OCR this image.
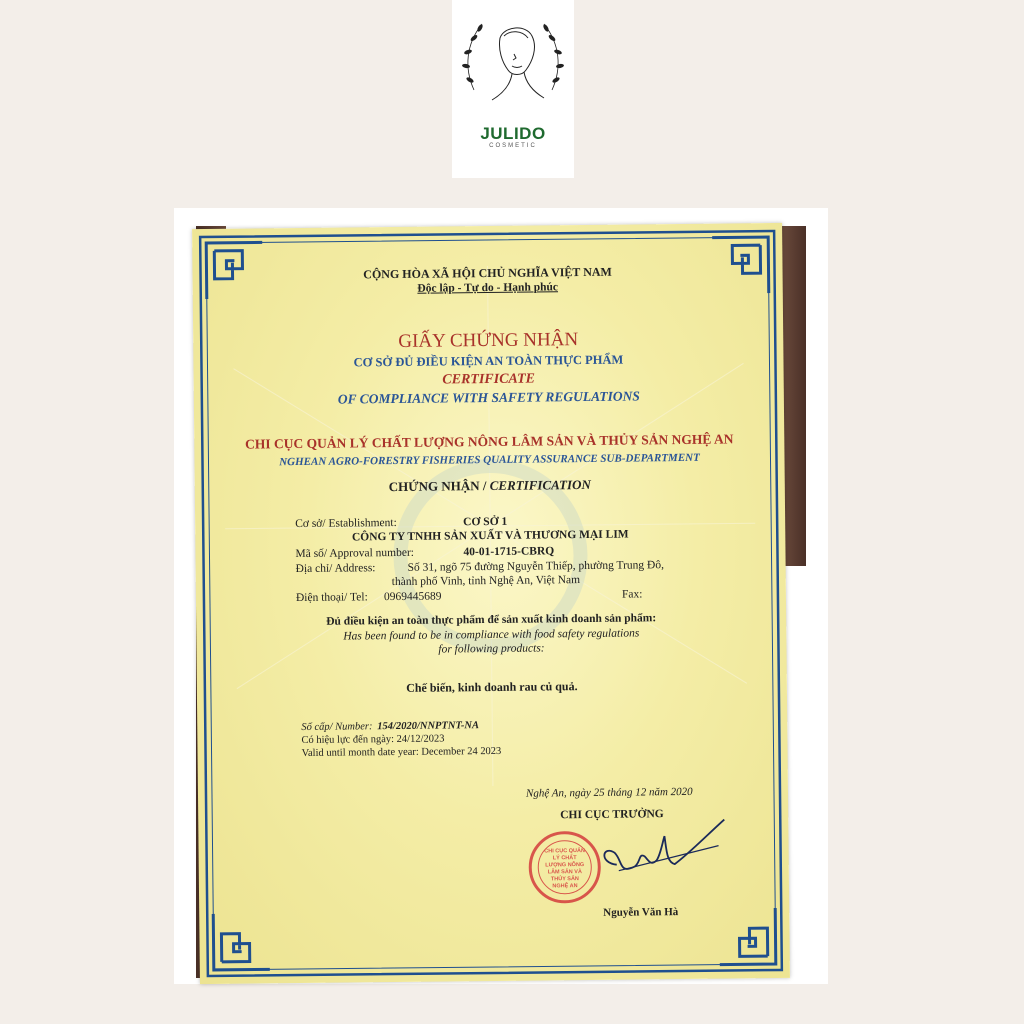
JULIDO
COSMETIC
CỘNG HÒA XÃ HỘI CHỦ NGHĨA VIỆT NAM
Độc lập - Tự do - Hạnh phúc
GIẤY CHỨNG NHẬN
CƠ SỞ ĐỦ ĐIỀU KIỆN AN TOÀN THỰC PHẨM
CERTIFICATE
OF COMPLIANCE WITH SAFETY REGULATIONS
CHI CỤC QUẢN LÝ CHẤT LƯỢNG NÔNG LÂM SẢN VÀ THỦY SẢN NGHỆ AN
NGHEAN AGRO-FORESTRY FISHERIES QUALITY ASSURANCE SUB-DEPARTMENT
CHỨNG NHẬN / CERTIFICATION
Cơ sở/ Establishment:	CƠ SỞ 1
CÔNG TY TNHH SẢN XUẤT VÀ THƯƠNG MẠI LIM
Mã số/ Approval number:	40-01-1715-CBRQ
Địa chỉ/ Address:	Số 31, ngõ 75 đường Nguyễn Thiếp, phường Trung Đô,
thành phố Vinh, tỉnh Nghệ An, Việt Nam
Điện thoại/ Tel: 0969445689	Fax:
Đủ điều kiện an toàn thực phẩm để sản xuất kinh doanh sản phẩm:
Has been found to be in compliance with food safety regulations
for following products:
Chế biến, kinh doanh rau củ quả.
Số cấp/ Number: 154/2020/NNPTNT-NA
Có hiệu lực đến ngày: 24/12/2023
Valid until month date year: December 24 2023
Nghệ An, ngày 25 tháng 12 năm 2020
CHI CỤC TRƯỞNG
CHI CỤC QUẢN LÝ CHẤT LƯỢNG NÔNG LÂM SẢN VÀ THỦY SẢN NGHỆ AN
Nguyễn Văn Hà
